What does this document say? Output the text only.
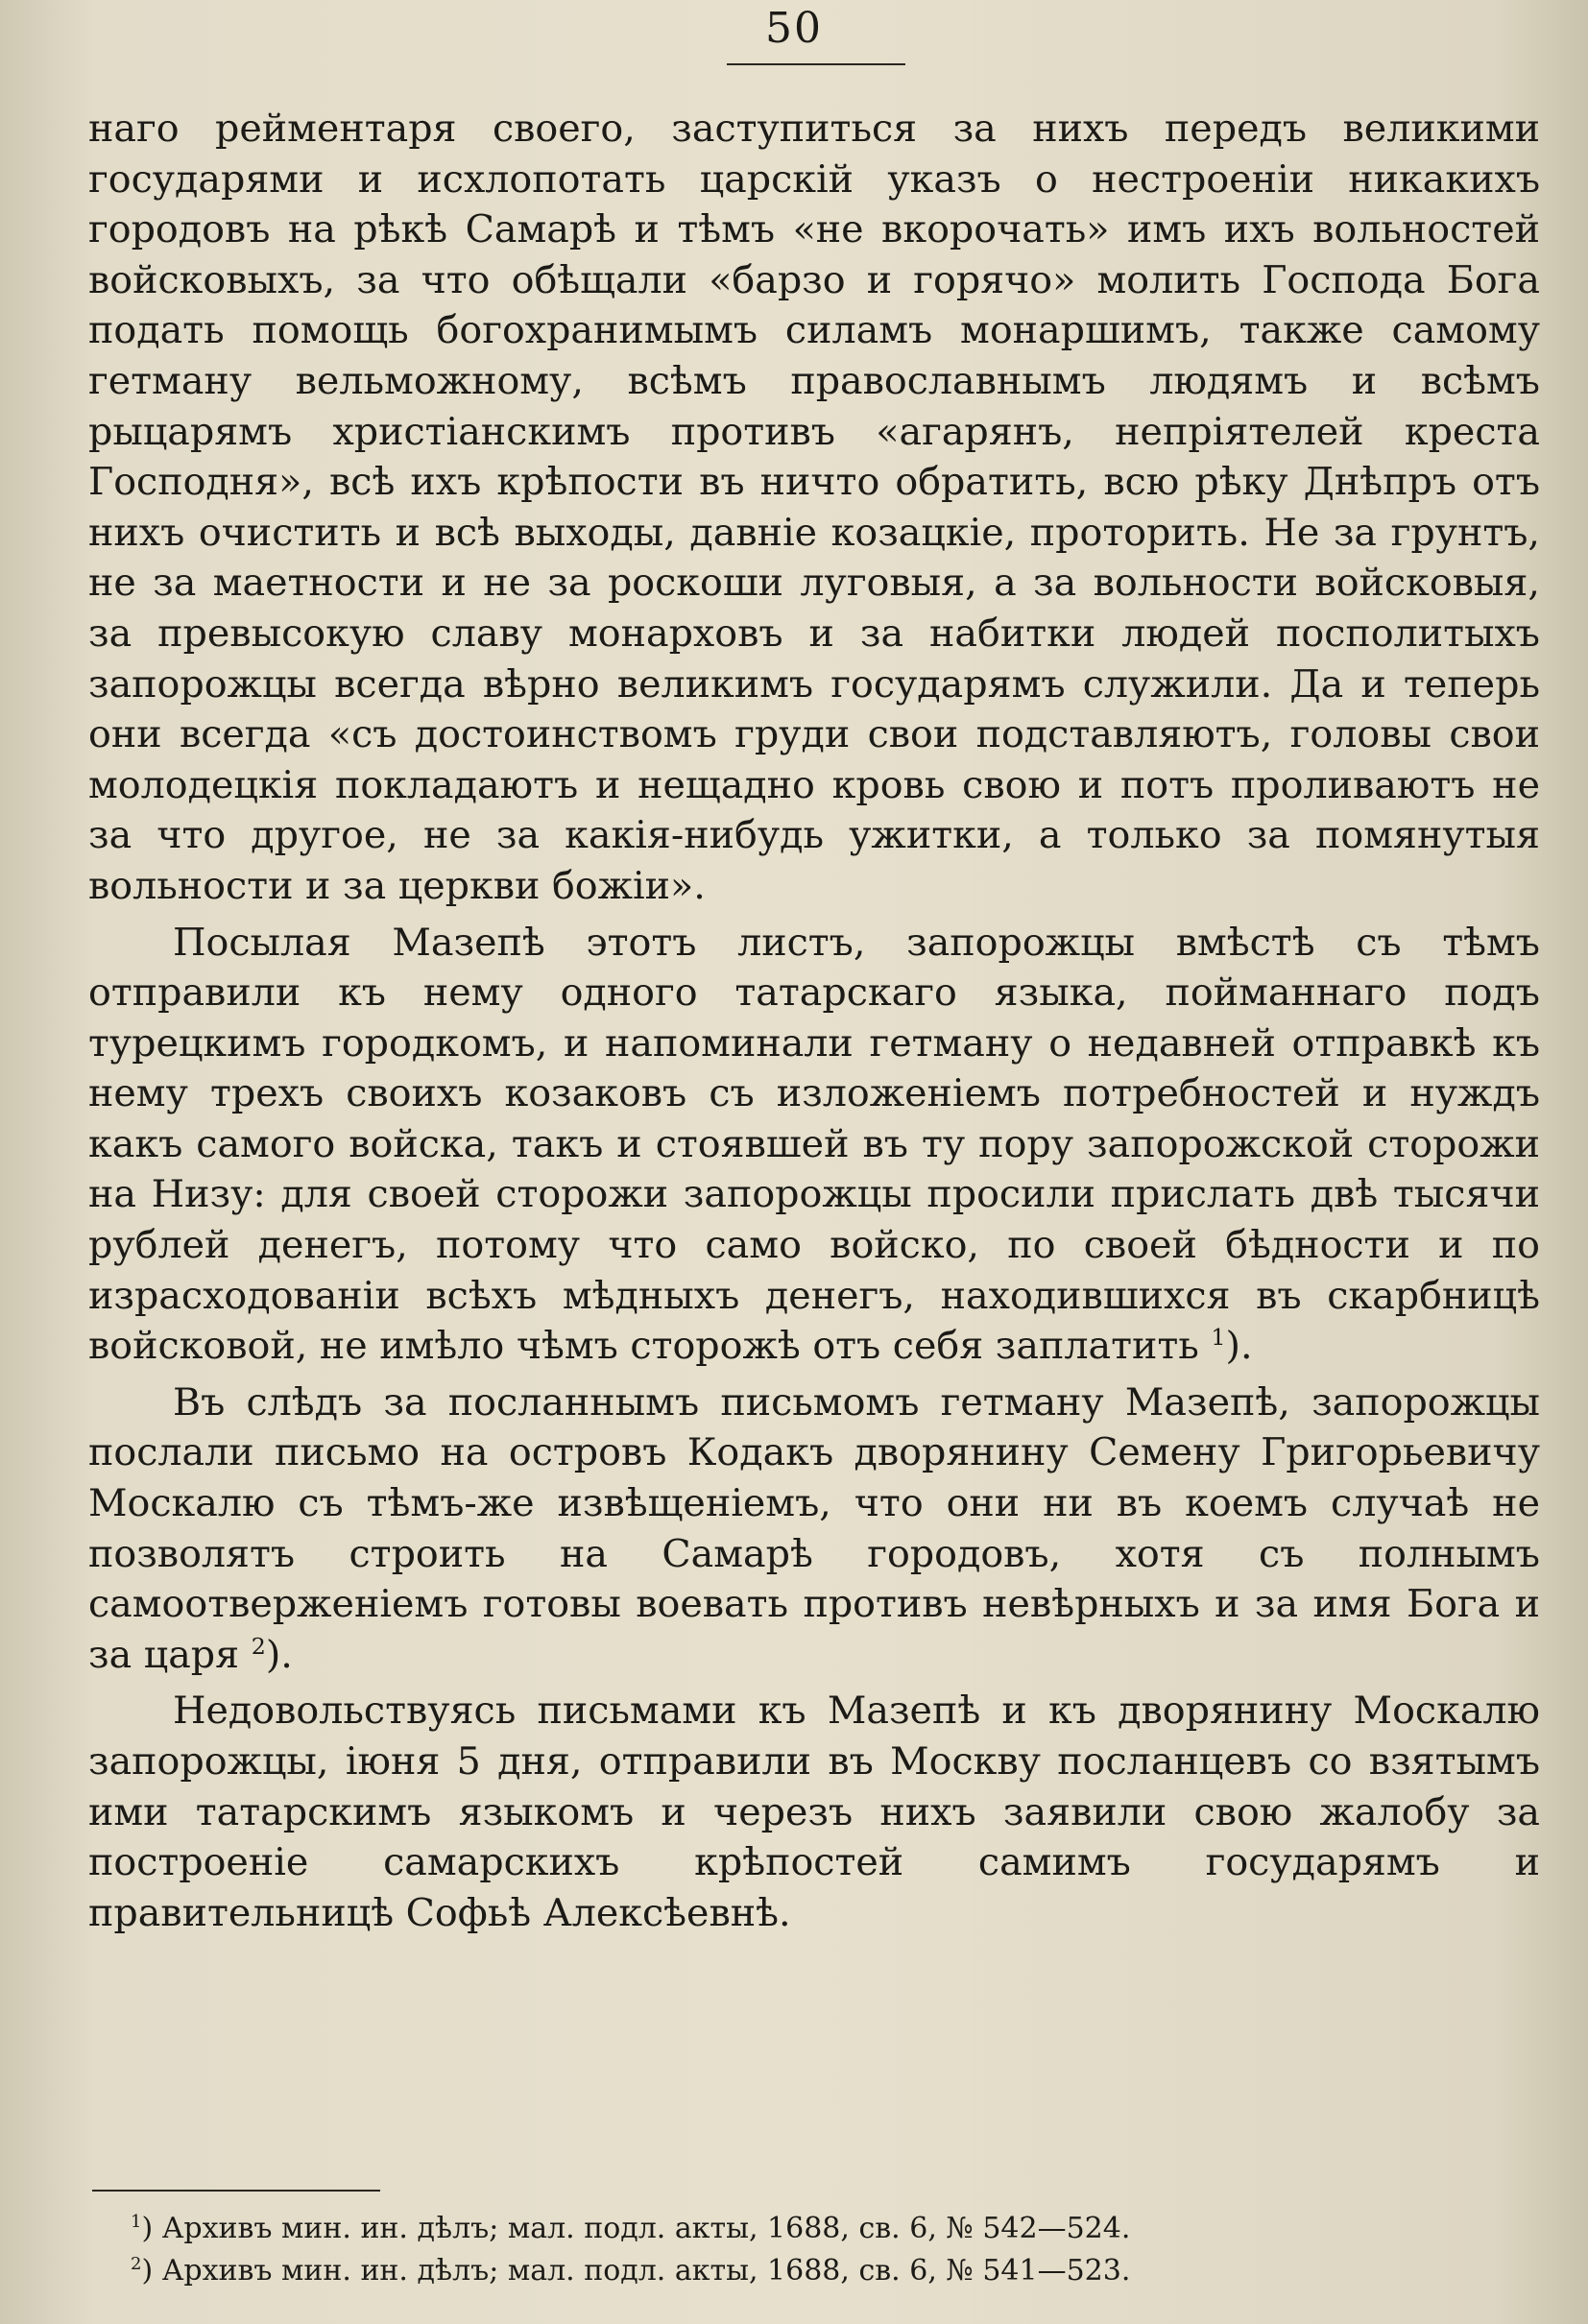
50

наго рейментаря своего, заступиться за нихъ передъ великими государями и исхлопотать царскій указъ о нестроеніи никакихъ городовъ на рѣкѣ Самарѣ и тѣмъ «не вкорочать» имъ ихъ вольностей войсковыхъ, за что обѣщали «барзо и горячо» молить Господа Бога подать помощь богохранимымъ силамъ монаршимъ, также самому гетману вельможному, всѣмъ православнымъ людямъ и всѣмъ рыцарямъ христіанскимъ противъ «агарянъ, непріятелей креста Господня», всѣ ихъ крѣпости въ ничто обратить, всю рѣку Днѣпръ отъ нихъ очистить и всѣ выходы, давніе козацкіе, проторить. Не за грунтъ, не за маетности и не за роскоши луговыя, а за вольности войсковыя, за превысокую славу монарховъ и за набитки людей посполитыхъ запорожцы всегда вѣрно великимъ государямъ служили. Да и теперь они всегда «съ достоинствомъ груди свои подставляютъ, головы свои молодецкія покладаютъ и нещадно кровь свою и потъ проливаютъ не за что другое, не за какія-нибудь ужитки, а только за помянутыя вольности и за церкви божіи».

Посылая Мазепѣ этотъ листъ, запорожцы вмѣстѣ съ тѣмъ отправили къ нему одного татарскаго языка, пойманнаго подъ турецкимъ городкомъ, и напоминали гетману о недавней отправкѣ къ нему трехъ своихъ козаковъ съ изложеніемъ потребностей и нуждъ какъ самого войска, такъ и стоявшей въ ту пору запорожской сторожи на Низу: для своей сторожи запорожцы просили прислать двѣ тысячи рублей денегъ, потому что само войско, по своей бѣдности и по израсходованіи всѣхъ мѣдныхъ денегъ, находившихся въ скарбницѣ войсковой, не имѣло чѣмъ сторожѣ отъ себя заплатить $^1$).

Въ слѣдъ за посланнымъ письмомъ гетману Мазепѣ, запорожцы послали письмо на островъ Кодакъ дворянину Семену Григорьевичу Москалю съ тѣмъ-же извѣщеніемъ, что они ни въ коемъ случаѣ не позволятъ строить на Самарѣ городовъ, хотя съ полнымъ самоотверженіемъ готовы воевать противъ невѣрныхъ и за имя Бога и за царя $^2$).

Недовольствуясь письмами къ Мазепѣ и къ дворянину Москалю запорожцы, іюня 5 дня, отправили въ Москву посланцевъ со взятымъ ими татарскимъ языкомъ и черезъ нихъ заявили свою жалобу за построеніе самарскихъ крѣпостей самимъ государямъ и правительницѣ Софьѣ Алексѣевнѣ.

$^1$) Архивъ мин. ин. дѣлъ; мал. подл. акты, 1688, св. 6, № 542—524.
$^2$) Архивъ мин. ин. дѣлъ; мал. подл. акты, 1688, св. 6, № 541—523.
